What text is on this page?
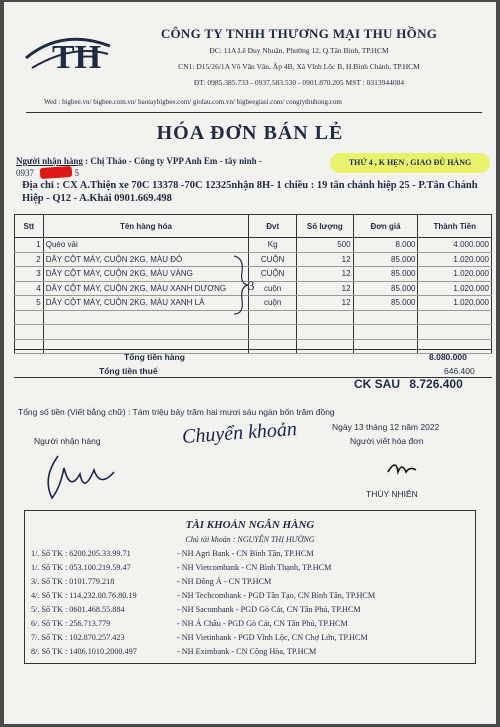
TH
CÔNG TY TNHH THƯƠNG MẠI THU HỒNG
ĐC: 11A Lê Duy Nhuận, Phường 12, Q.Tân Bình, TP.HCM
CN1: D15/26/1A Võ Văn Vân, Ấp 4B, Xã Vĩnh Lộc B, H.Bình Chánh, TP.HCM
ĐT: 0985.385.733 - 0937.583.530 - 0901.870.205 MST : 0313944084
Wed : bigbee.vn/ bigbee.com.vn/ baotaybigbee.com/ giolau.com.vn/ bigbeegiasi.com/ congtythuhong.com
HÓA ĐƠN BÁN LẺ
Người nhận hàng : Chị Thảo - Công ty VPP Anh Em - tây ninh -
0937	5
THỨ 4 , K HẸN , GIAO ĐỦ HÀNG
Địa chỉ : CX A.Thiện xe 70C 13378 -70C 12325nhận 8H- 1 chiều : 19 tân chánh hiệp 25 - P.Tân Chánh Hiệp - Q12 - A.Khải 0901.669.498
Stt	Tên hàng hóa	Đvt	Số lượng	Đơn giá	Thành Tiền
1	Quèo vải	Kg	500	8.000	4.000.000
2	DÂY CỘT MÁY, CUỘN 2KG, MÀU ĐỎ	CUỘN	12	85.000	1.020.000
3	DÂY CỘT MÁY, CUỘN 2KG, MÀU VÀNG	CUỘN	12	85.000	1.020.000
4	DÂY CỘT MÁY, CUỘN 2KG, MÀU XANH DƯƠNG	cuộn	12	85.000	1.020.000
5	DÂY CỘT MÁY, CUỘN 2KG, MÀU XANH LÁ	cuộn	12	85.000	1.020.000

3
Tổng tiền hàng	8.080.000
Tổng tiền thuế	646.400
CK SAU 8.726.400
Tổng số tiền (Viết bằng chữ) : Tám triệu bảy trăm hai mươi sáu ngàn bốn trăm đồng
Ngày 13 tháng 12 năm 2022
Chuyển khoản
Người nhận hàng	Người viết hóa đơn
THÙY NHIÊN
TÀI KHOẢN NGÂN HÀNG
Chủ tài khoản : NGUYỄN THỊ HƯỜNG
1/. Số TK : 6200.205.33.99.71	- NH Agri Bank - CN Bình Tân, TP.HCM
1/. Số TK : 053.100.219.59.47	- NH Vietcombank - CN Bình Thạnh, TP.HCM
3/. Số TK : 0101.779.218	- NH Đông Á - CN TP.HCM
4/. Số TK : 114.232.00.76.80.19	- NH Techcombank - PGD Tân Tạo, CN Bình Tân, TP.HCM
5/. Số TK : 0601.468.55.884	- NH Sacombank - PGD Gò Cát, CN Tân Phú, TP.HCM
6/. Số TK : 256.713.779	- NH Á Châu - PGD Gò Cát, CN Tân Phú, TP.HCM
7/. Số TK : 102.870.257.423	- NH Vietinbank - PGD Vĩnh Lộc, CN Chợ Lớn, TP.HCM
8/. Số TK : 1406.1010.2000.497	- NH Eximbank - CN Cộng Hòa, TP.HCM
